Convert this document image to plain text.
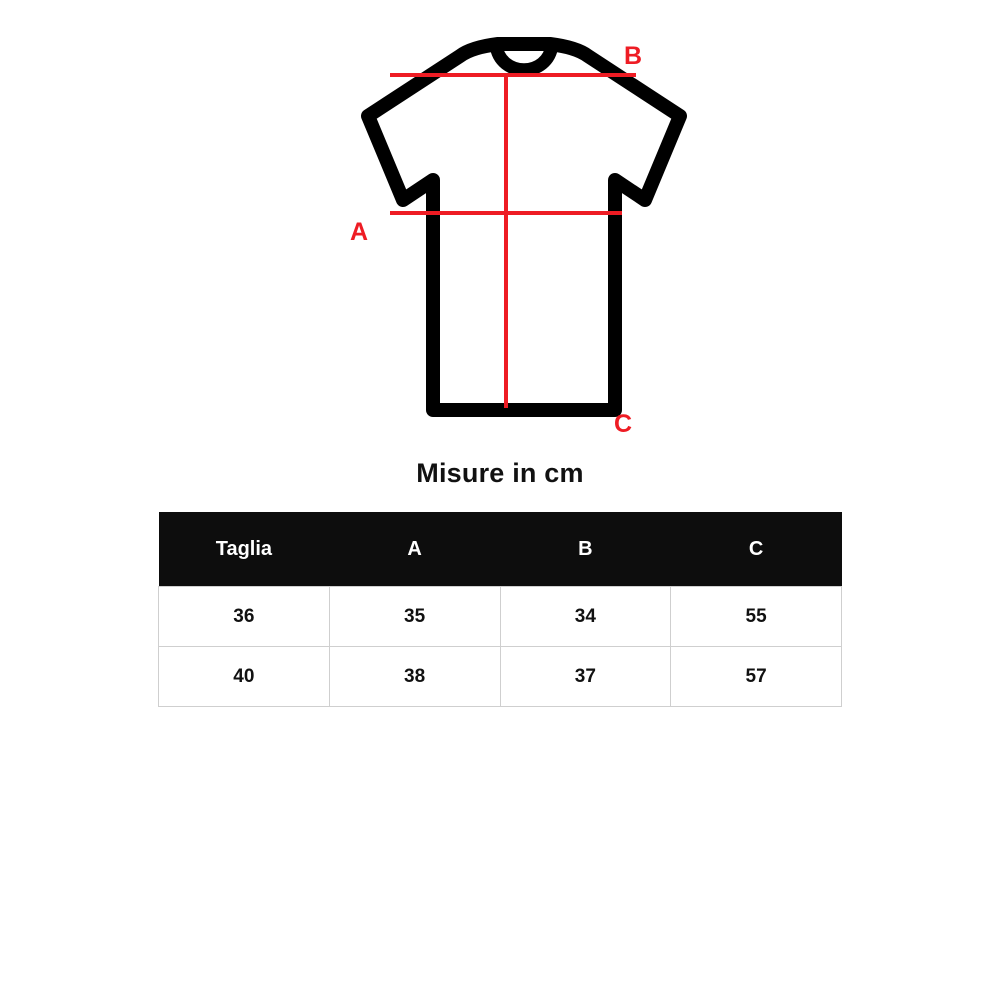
A
B
C
Misure in cm
Taglia	A	B	C
36	35	34	55
40	38	37	57
